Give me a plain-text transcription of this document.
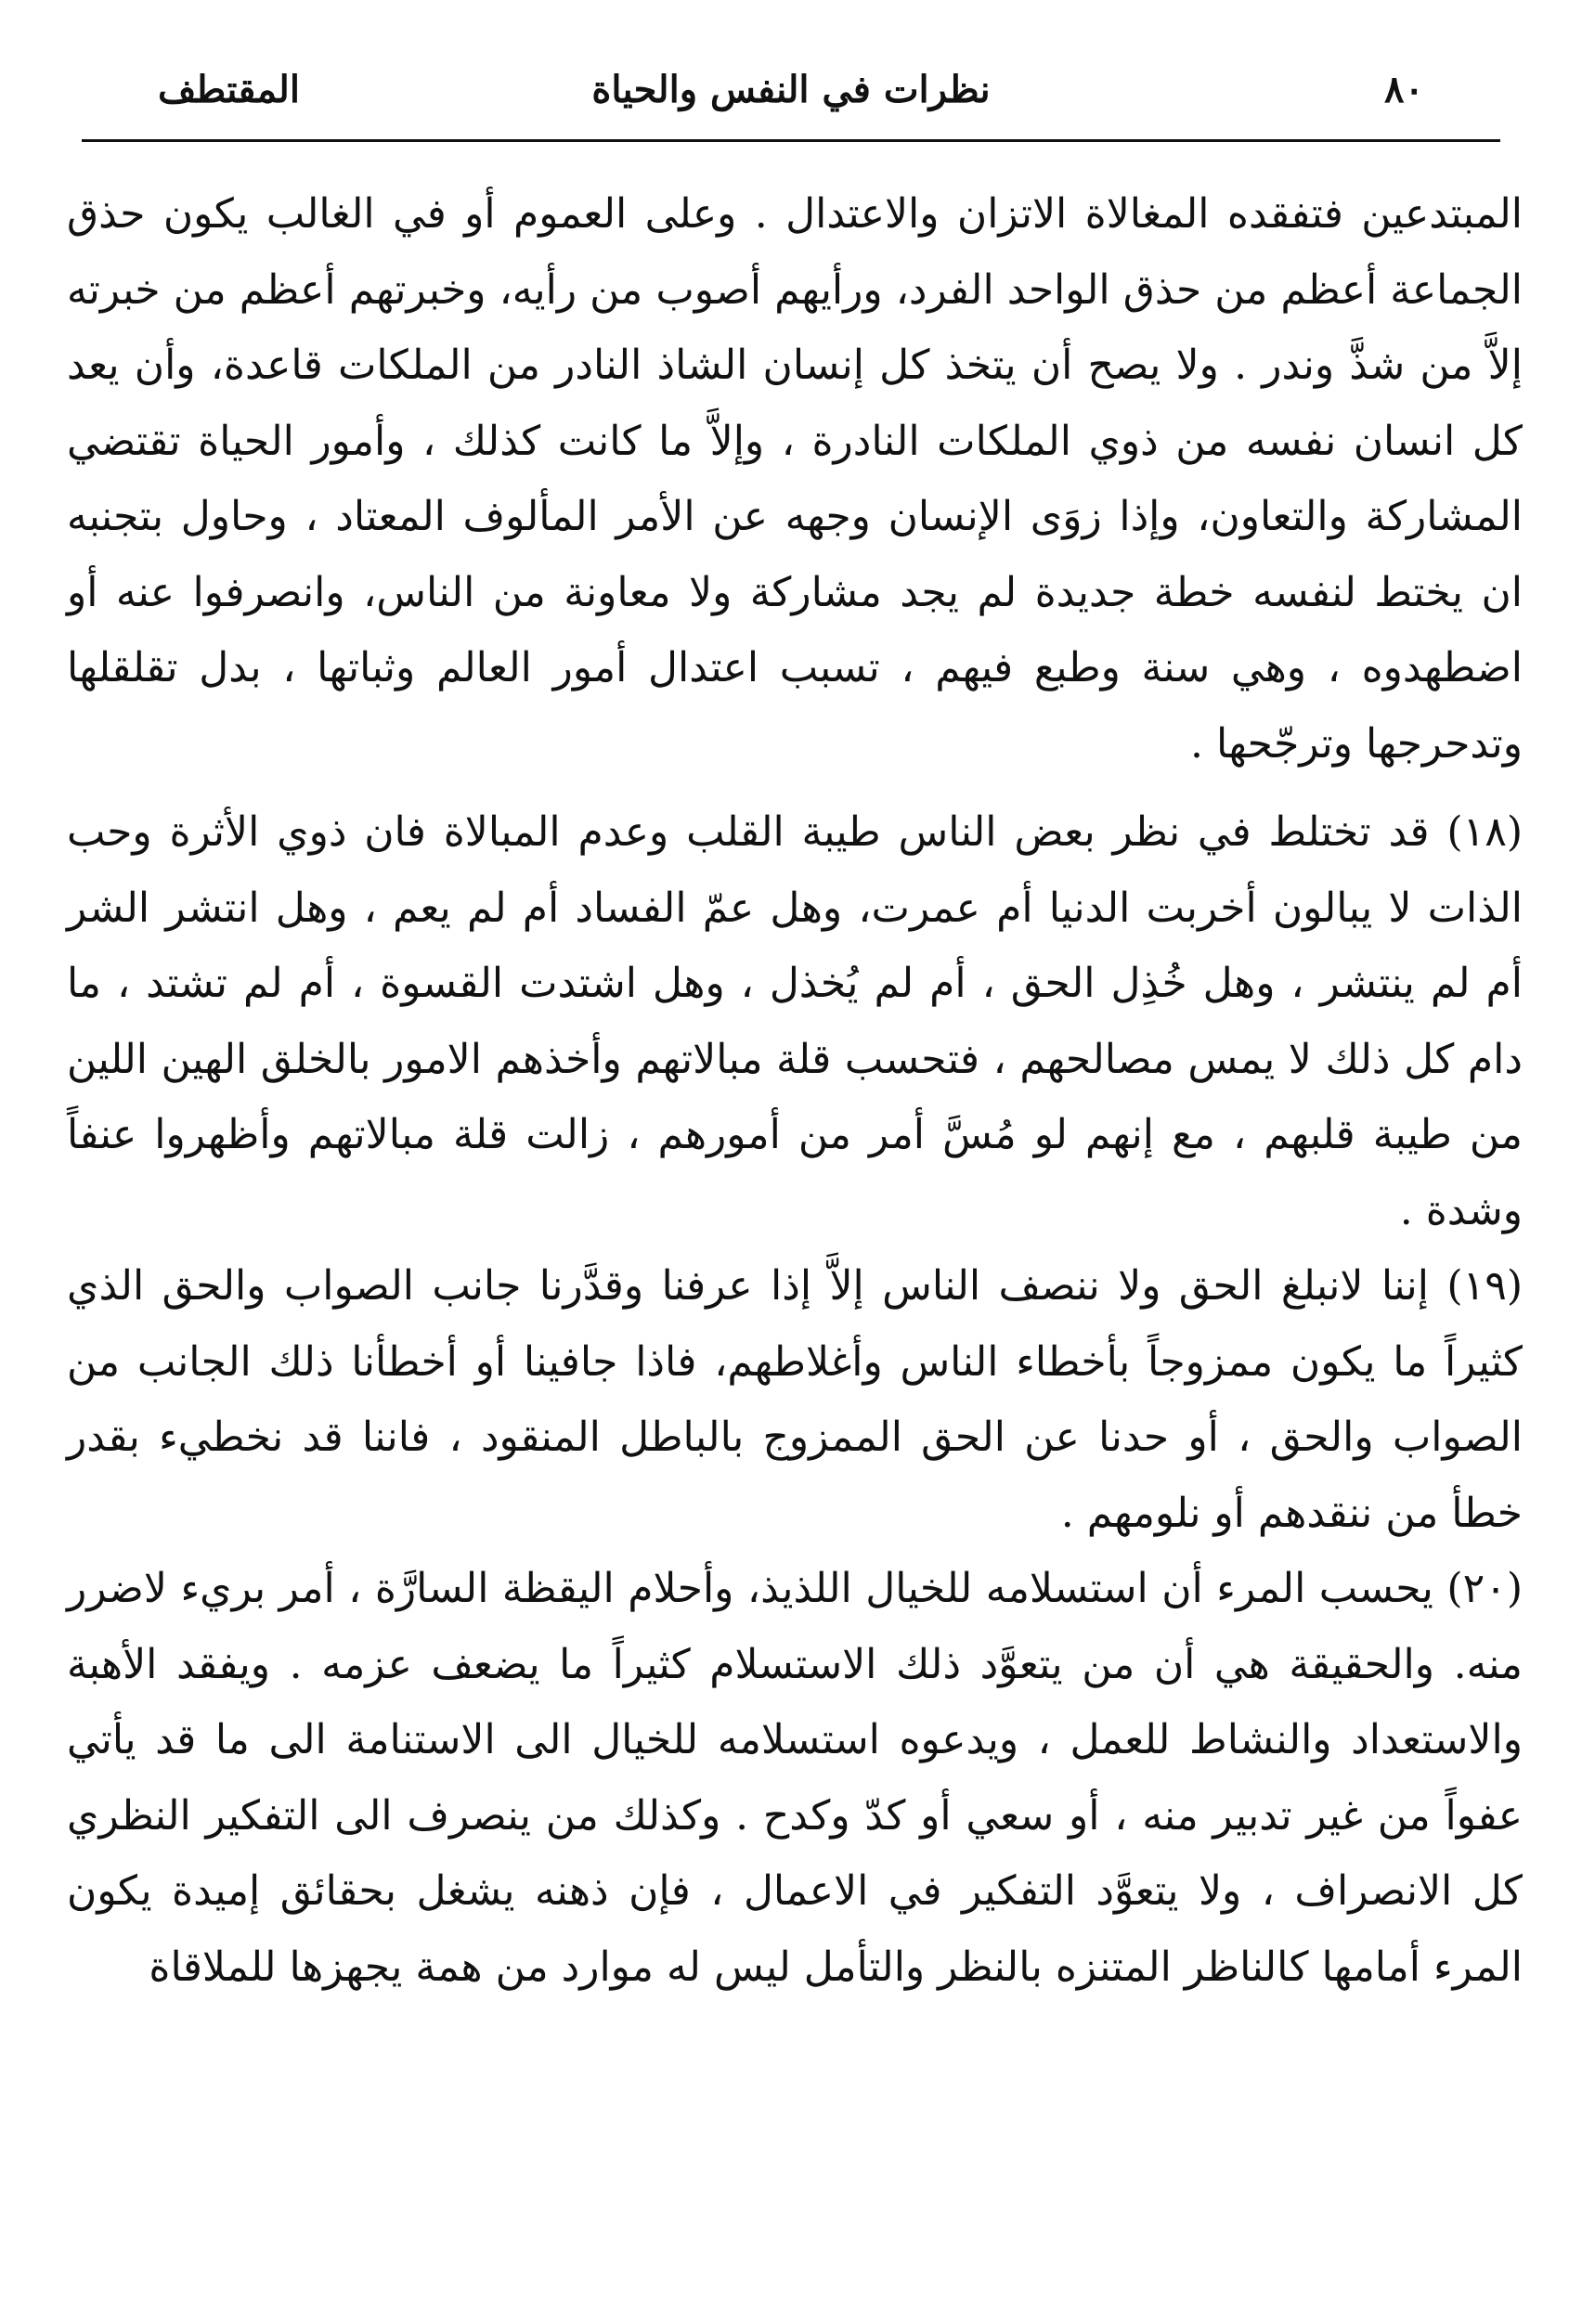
المقتطف	نظرات في النفس والحياة	٨٠

المبتدعين فتفقده المغالاة الاتزان والاعتدال . وعلى العموم أو في الغالب يكون حذق الجماعة أعظم من حذق الواحد الفرد، ورأيهم أصوب من رأيه، وخبرتهم أعظم من خبرته إلاَّ من شذَّ وندر . ولا يصح أن يتخذ كل إنسان الشاذ النادر من الملكات قاعدة، وأن يعد كل انسان نفسه من ذوي الملكات النادرة ، وإلاَّ ما كانت كذلك ، وأمور الحياة تقتضي المشاركة والتعاون، وإذا زوَى الإنسان وجهه عن الأمر المألوف المعتاد ، وحاول بتجنبه ان يختط لنفسه خطة جديدة لم يجد مشاركة ولا معاونة من الناس، وانصرفوا عنه أو اضطهدوه ، وهي سنة وطبع فيهم ، تسبب اعتدال أمور العالم وثباتها ، بدل تقلقلها وتدحرجها وترجّحها .

(١٨) قد تختلط في نظر بعض الناس طيبة القلب وعدم المبالاة فان ذوي الأثرة وحب الذات لا يبالون أخربت الدنيا أم عمرت، وهل عمّ الفساد أم لم يعم ، وهل انتشر الشر أم لم ينتشر ، وهل خُذِل الحق ، أم لم يُخذل ، وهل اشتدت القسوة ، أم لم تشتد ، ما دام كل ذلك لا يمس مصالحهم ، فتحسب قلة مبالاتهم وأخذهم الامور بالخلق الهين اللين من طيبة قلبهم ، مع إنهم لو مُسَّ أمر من أمورهم ، زالت قلة مبالاتهم وأظهروا عنفاً وشدة .

(١٩) إننا لانبلغ الحق ولا ننصف الناس إلاَّ إذا عرفنا وقدَّرنا جانب الصواب والحق الذي كثيراً ما يكون ممزوجاً بأخطاء الناس وأغلاطهم، فاذا جافينا أو أخطأنا ذلك الجانب من الصواب والحق ، أو حدنا عن الحق الممزوج بالباطل المنقود ، فاننا قد نخطيء بقدر خطأ من ننقدهم أو نلومهم .

(٢٠) يحسب المرء أن استسلامه للخيال اللذيذ، وأحلام اليقظة السارَّة ، أمر بريء لاضرر منه. والحقيقة هي أن من يتعوَّد ذلك الاستسلام كثيراً ما يضعف عزمه . ويفقد الأهبة والاستعداد والنشاط للعمل ، ويدعوه استسلامه للخيال الى الاستنامة الى ما قد يأتي عفواً من غير تدبير منه ، أو سعي أو كدّ وكدح . وكذلك من ينصرف الى التفكير النظري كل الانصراف ، ولا يتعوَّد التفكير في الاعمال ، فإن ذهنه يشغل بحقائق إميدة يكون المرء أمامها كالناظر المتنزه بالنظر والتأمل ليس له موارد من همة يجهزها للملاقاة
